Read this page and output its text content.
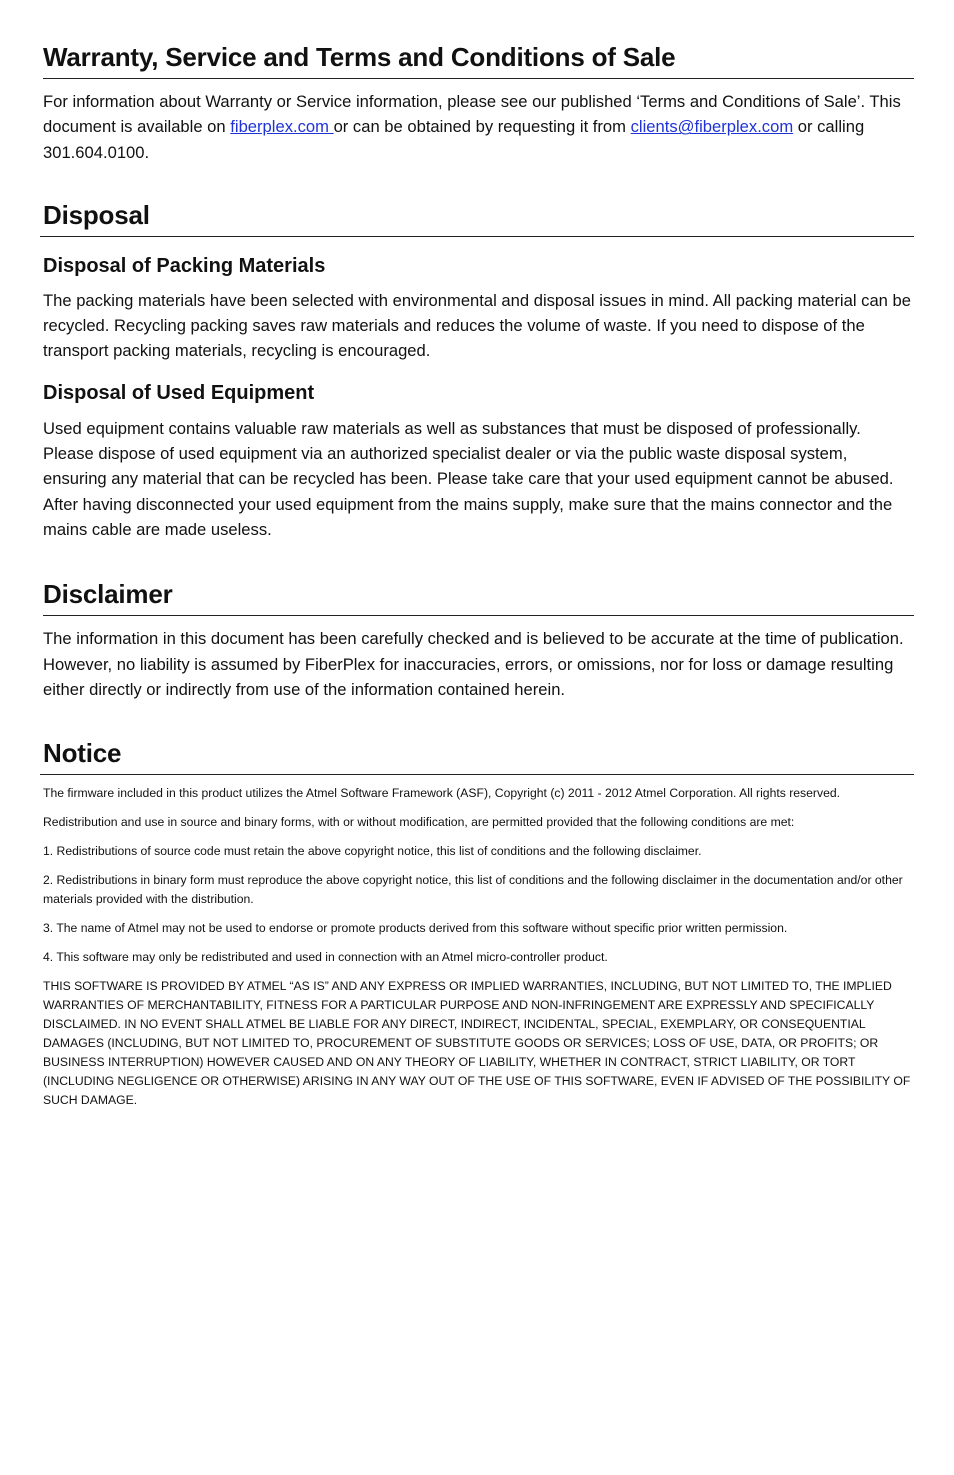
Warranty, Service and Terms and Conditions of Sale

For information about Warranty or Service information, please see our published ‘Terms and Conditions of Sale’. This document is available on fiberplex.com or can be obtained by requesting it from clients@fiberplex.com or calling 301.604.0100.

Disposal
Disposal of Packing Materials

The packing materials have been selected with environmental and disposal issues in mind. All packing material can be recycled. Recycling packing saves raw materials and reduces the volume of waste. If you need to dispose of the transport packing materials, recycling is encouraged.

Disposal of Used Equipment

Used equipment contains valuable raw materials as well as substances that must be disposed of professionally. Please dispose of used equipment via an authorized specialist dealer or via the public waste disposal system, ensuring any material that can be recycled has been. Please take care that your used equipment cannot be abused. After having disconnected your used equipment from the mains supply, make sure that the mains connector and the mains cable are made useless.

Disclaimer

The information in this document has been carefully checked and is believed to be accurate at the time of publication. However, no liability is assumed by FiberPlex for inaccuracies, errors, or omissions, nor for loss or damage resulting either directly or indirectly from use of the information contained herein.

Notice

The firmware included in this product utilizes the Atmel Software Framework (ASF), Copyright (c) 2011 - 2012 Atmel Corporation. All rights reserved.

Redistribution and use in source and binary forms, with or without modification, are permitted provided that the following conditions are met:

1. Redistributions of source code must retain the above copyright notice, this list of conditions and the following disclaimer.

2. Redistributions in binary form must reproduce the above copyright notice, this list of conditions and the following disclaimer in the documentation and/or other materials provided with the distribution.

3. The name of Atmel may not be used to endorse or promote products derived from this software without specific prior written permission.

4. This software may only be redistributed and used in connection with an Atmel micro-controller product.

THIS SOFTWARE IS PROVIDED BY ATMEL “AS IS” AND ANY EXPRESS OR IMPLIED WARRANTIES, INCLUDING, BUT NOT LIMITED TO, THE IMPLIED WARRANTIES OF MERCHANTABILITY, FITNESS FOR A PARTICULAR PURPOSE AND NON-INFRINGEMENT ARE EXPRESSLY AND SPECIFICALLY DISCLAIMED. IN NO EVENT SHALL ATMEL BE LIABLE FOR ANY DIRECT, INDIRECT, INCIDENTAL, SPECIAL, EXEMPLARY, OR CONSEQUENTIAL DAMAGES (INCLUDING, BUT NOT LIMITED TO, PROCUREMENT OF SUBSTITUTE GOODS OR SERVICES; LOSS OF USE, DATA, OR PROFITS; OR BUSINESS INTERRUPTION) HOWEVER CAUSED AND ON ANY THEORY OF LIABILITY, WHETHER IN CONTRACT, STRICT LIABILITY, OR TORT (INCLUDING NEGLIGENCE OR OTHERWISE) ARISING IN ANY WAY OUT OF THE USE OF THIS SOFTWARE, EVEN IF ADVISED OF THE POSSIBILITY OF SUCH DAMAGE.
